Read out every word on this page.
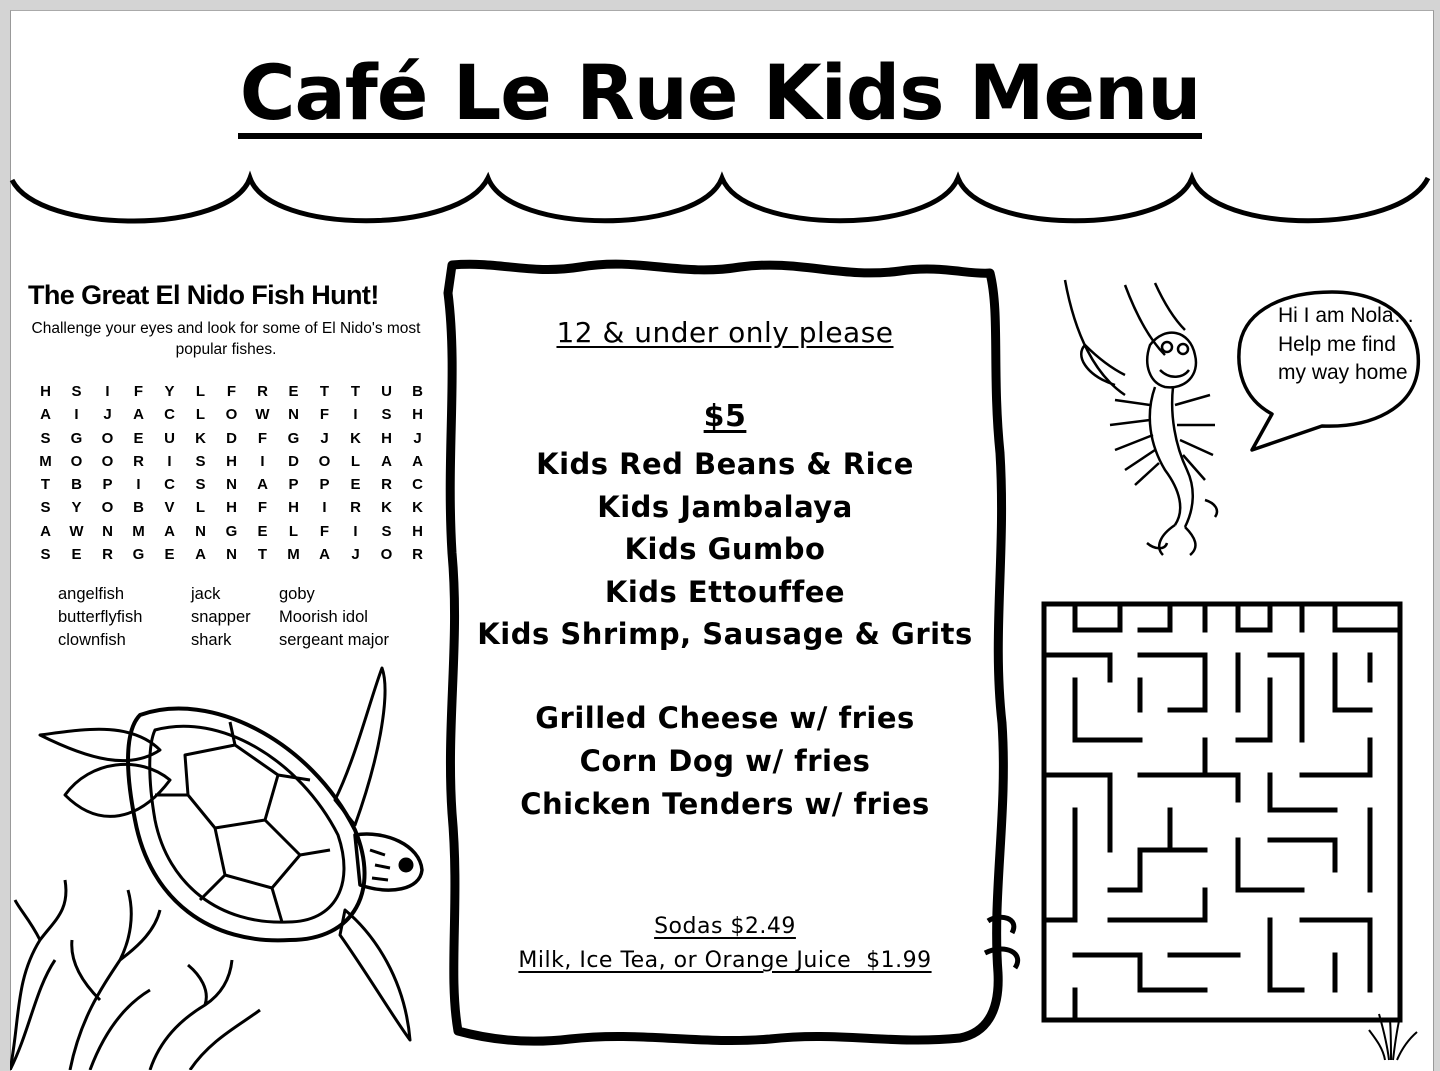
Café Le Rue Kids Menu
The Great El Nido Fish Hunt!
Challenge your eyes and look for some of El Nido's most popular fishes.
H	S	I	F	Y	L	F	R	E	T	T	U	B
A	I	J	A	C	L	O	W	N	F	I	S	H
S	G	O	E	U	K	D	F	G	J	K	H	J
M	O	O	R	I	S	H	I	D	O	L	A	A
T	B	P	I	C	S	N	A	P	P	E	R	C
S	Y	O	B	V	L	H	F	H	I	R	K	K
A	W	N	M	A	N	G	E	L	F	I	S	H
S	E	R	G	E	A	N	T	M	A	J	O	R
angelfish
butterflyfish
clownfish
jack
snapper
shark
goby
Moorish idol
sergeant major
12 & under only please
$5
Kids Red Beans & Rice
Kids Jambalaya
Kids Gumbo
Kids Ettouffee
Kids Shrimp, Sausage & Grits
Grilled Cheese w/ fries
Corn Dog w/ fries
Chicken Tenders w/ fries
Sodas $2.49
Milk, Ice Tea, or Orange Juice  $1.99
Hi I am Nola…Help me find my way home
